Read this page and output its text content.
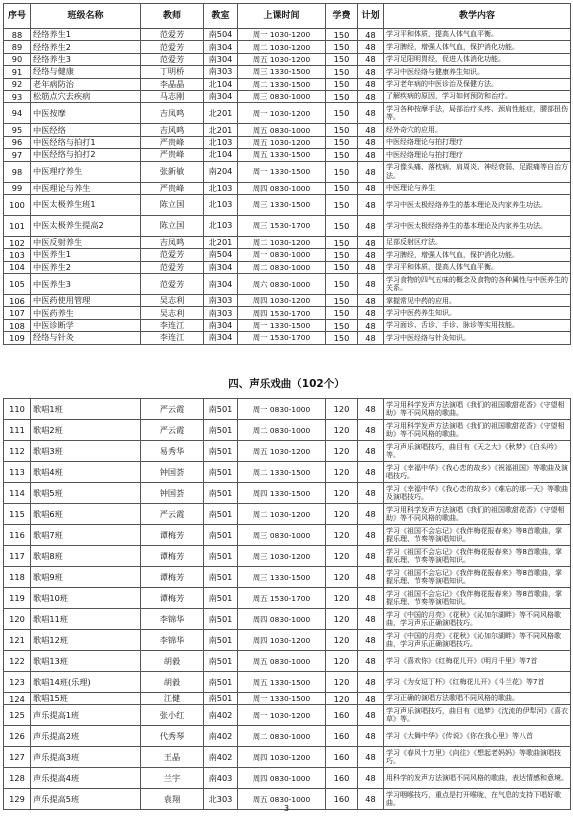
序号	班级名称	教师	教室	上课时间	学费	计划	教学内容
88	经络养生1	范爱芳	南504	周一 1030-1200	150	48	学习平和体质，提高人体气血平衡。
89	经络养生2	范爱芳	南304	周二 1030-1200	150	48	学习脾经，增强人体气血，保护消化功能。
90	经络养生3	范爱芳	南304	周五 1030-1200	150	48	学习足阳明胃经，促进人体消化功能。
91	经络与健康	丁明桥	南303	周三 1330-1500	150	48	学习中医经络与健康养生知识。
92	老年病防治	李晶晶	北104	周二 1330-1500	150	48	学习老年病的中医诊治及保健方法。
93	松筋点穴去疾病	马志刚	南304	周三 0830-1000	150	48	了解疾病的原因，学习如何预防和治疗。
94	中医按摩	吉凤鸣	北201	周一 1030-1200	150	48	学习各种按摩手法，局部治疗头疼、颈肩性能症，腰部扭伤等。
95	中医经络	吉风鸣	北201	周五 0830-1000	150	48	经外奇穴的应用。
96	中医经络与拍打1	严贵峰	北103	周五 1030-1200	150	48	中医经络理论与拍打理疗
97	中医经络与拍打2	严贵峰	北104	周五 1330-1500	150	48	中医经络理论与拍打理疗
98	中医理疗养生	张新敏	南204	周一 1330-1500	150	48	学习像头痛、落枕病、肩周炎、神经衰弱、足跟痛等自治方法。
99	中医理论与养生	严贵峰	北103	周四 0830-1000	150	48	中医理论与养生
100	中医太极养生班1	陈立国	北103	周三 1330-1500	150	48	学习中医太极经络养生的基本理论及内家养生功法。
101	中医太极养生提高2	陈立国	北103	周三 1530-1700	150	48	学习中医太极经络养生的基本理论及内家养生功法。
102	中医反射养生	吉凤鸣	北201	周二 1030-1200	150	48	足部反射区疗法。
103	中医养生1	范爱芳	南504	周一 0830-1000	150	48	学习脾经，增强人体气血，保护消化功能。
104	中医养生2	范爱芳	南304	周二 0830-1000	150	48	学习平和体质，提高人体气血平衡。
105	中医养生3	范爱芳	南304	周六 0830-1000	150	48	学习食物的四气五味的概念及食物的各种属性与中医养生的关系。
106	中医药使用管理	吴志利	南303	周四 1030-1200	150	48	掌握常见中药的应用。
107	中医药养生	吴志利	南303	周四 1530-1700	150	48	学习中医药养生知识。
108	中医诊断学	李连江	南304	周一 1330-1500	150	48	学习面诊、舌诊、手诊、脉诊等实用技能。
109	经络与针灸	李连江	南304	周一 1530-1700	150	48	学习中医经络与针灸知识。
四、声乐戏曲（102个）
110	歌唱1班	严云霞	南501	周一 0830-1000	120	48	学习用科学发声方法演唱《我们的祖国歌甜花香》《守望相助》等不同风格的歌曲。
111	歌唱2班	严云霞	南501	周二 0830-1000	120	48	学习用科学发声方法演唱《我们的祖国歌甜花香》《守望相助》等不同风格的歌曲。
112	歌唱3班	易秀华	南501	周五 1030-1200	120	48	学习声乐演唱技巧，曲目有《天之大》《秋梦》《白头吟》等。
113	歌唱4班	钟国荟	南501	周二 1330-1500	120	48	学习《幸福中华》《我心恋的故乡》《祝福祖国》等歌曲及演唱技巧。
114	歌唱5班	钟国荟	南501	周四 1330-1500	120	48	学习《幸福中华》《我心恋的故乡》《难忘的那一天》等歌曲及演唱技巧。
115	歌唱6班	严云霞	南501	周二 1030-1200	120	48	学习用科学发声方法演唱《我们的祖国歌甜花香》《守望相助》等不同风格的歌曲。
116	歌唱7班	谭梅芳	南501	周三 0830-1000	120	48	学习《祖国不会忘记》《我伴梅花报春来》等8首歌曲，掌握乐理、节奏等演唱知识。
117	歌唱8班	谭梅芳	南501	周三 1030-1200	120	48	学习《祖国不会忘记》《我伴梅花报春来》等8首歌曲，掌握乐理、节奏等演唱知识。
118	歌唱9班	谭梅芳	南501	周三 1330-1500	120	48	学习《祖国不会忘记》《我伴梅花报春来》等8首歌曲，掌握乐理、节奏等演唱知识。
119	歌唱10班	谭梅芳	南501	周五 1530-1700	120	48	学习《祖国不会忘记》《我伴梅花报春来》等8首歌曲，掌握乐理、节奏等演唱知识。
120	歌唱11班	李锦华	南501	周四 0830-1000	120	48	学习《中国的月亮》《花秋》《沁加尔湖畔》等不同风格歌曲，学习声乐正确演唱技巧。
121	歌唱12班	李锦华	南501	周四 1030-1200	120	48	学习《中国的月亮》《花秋》《沁加尔湖畔》等不同风格歌曲，学习声乐正确演唱技巧。
122	歌唱13班	胡毅	南501	周五 0830-1000	120	48	学习《喜欢你》《红梅花儿开》《明月千里》等7首
123	歌唱14班(乐理)	胡毅	南501	周五 1330-1500	120	48	学习《为女逗丁杯》《红梅花儿开》《斗兰花》等7首
124	歌唱15班	江健	南501	周一 1330-1500	120	48	学习正确的演唱方法歌唱不同风格的歌曲。
125	声乐提高1班	张小红	南402	周一 1030-1200	160	48	学习声乐演唱技巧，曲目有《追梦》《沈流的伊犁河》《喜衣草》等。
126	声乐提高2班	代秀琴	南402	周二 0830-1000	160	48	学习《大舞中华》《传说》《你在我心里》等八首
127	声乐提高3班	王晶	南402	周四 1030-1200	160	48	学习《春风十万里》《向往》《想起老妈妈》等歌曲演唱技巧。
128	声乐提高4班	兰宇	南403	周四 0830-1000	160	48	用科学的发声方法演唱不同风格的歌曲，表达情感和意境。
129	声乐提高5班	袁翔	北303	周五 0830-1000	160	48	学习咽喉技巧，重点是打开喉咙，在气息的支持下唱好歌曲。
3
